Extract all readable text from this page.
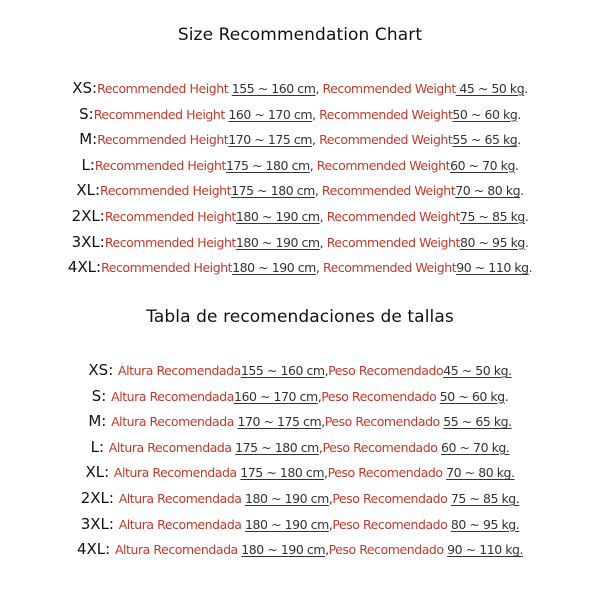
Size Recommendation Chart
XS:Recommended Height 155 ~ 160 cm, Recommended Weight 45 ~ 50 kg.
S:Recommended Height 160 ~ 170 cm, Recommended Weight50 ~ 60 kg.
M:Recommended Height170 ~ 175 cm, Recommended Weight55 ~ 65 kg.
L:Recommended Height175 ~ 180 cm, Recommended Weight60 ~ 70 kg.
XL:Recommended Height175 ~ 180 cm, Recommended Weight70 ~ 80 kg.
2XL:Recommended Height180 ~ 190 cm, Recommended Weight75 ~ 85 kg.
3XL:Recommended Height180 ~ 190 cm, Recommended Weight80 ~ 95 kg.
4XL:Recommended Height180 ~ 190 cm, Recommended Weight90 ~ 110 kg.
Tabla de recomendaciones de tallas
XS: Altura Recomendada155 ~ 160 cm,Peso Recomendado45 ~ 50 kg.
S: Altura Recomendada160 ~ 170 cm,Peso Recomendado 50 ~ 60 kg.
M: Altura Recomendada 170 ~ 175 cm,Peso Recomendado 55 ~ 65 kg.
L: Altura Recomendada 175 ~ 180 cm,Peso Recomendado 60 ~ 70 kg.
XL: Altura Recomendada 175 ~ 180 cm,Peso Recomendado 70 ~ 80 kg.
2XL: Altura Recomendada 180 ~ 190 cm,Peso Recomendado 75 ~ 85 kg.
3XL: Altura Recomendada 180 ~ 190 cm,Peso Recomendado 80 ~ 95 kg.
4XL: Altura Recomendada 180 ~ 190 cm,Peso Recomendado 90 ~ 110 kg.
